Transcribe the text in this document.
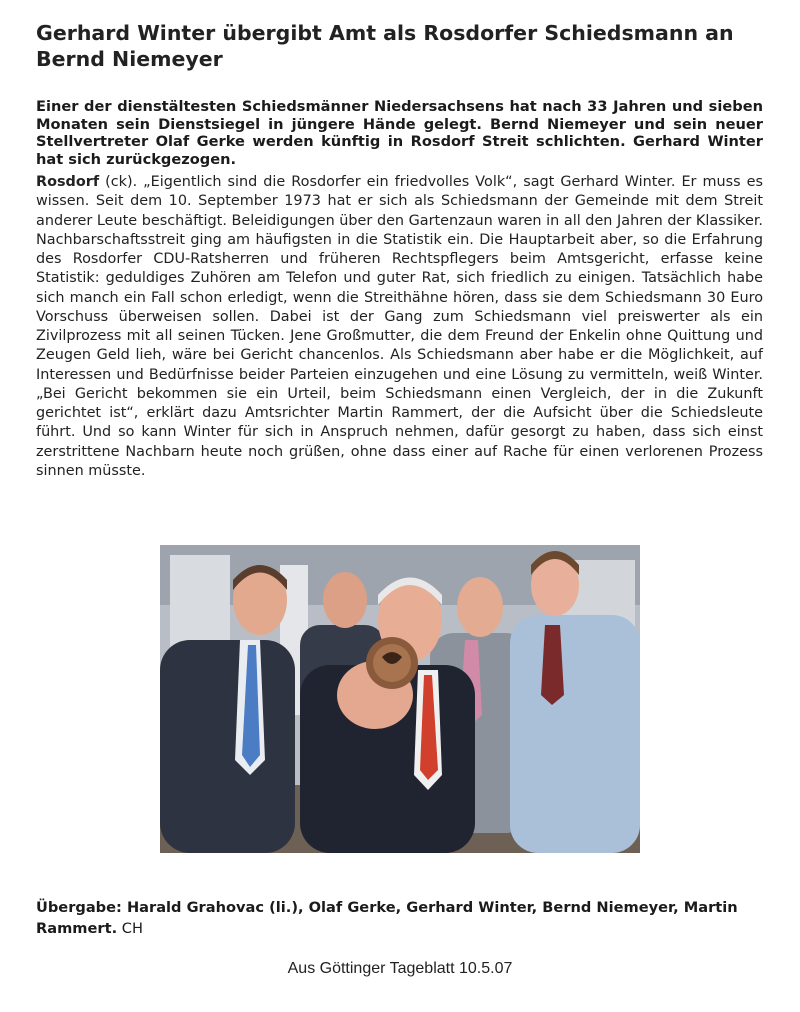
Gerhard Winter übergibt Amt als Rosdorfer Schiedsmann an Bernd Niemeyer
Einer der dienstältesten Schiedsmänner Niedersachsens hat nach 33 Jahren und sieben Monaten sein Dienstsiegel in jüngere Hände gelegt. Bernd Niemeyer und sein neuer Stellvertreter Olaf Gerke werden künftig in Rosdorf Streit schlichten. Gerhard Winter hat sich zurückgezogen.

Rosdorf (ck). „Eigentlich sind die Rosdorfer ein friedvolles Volk“, sagt Gerhard Winter. Er muss es wissen. Seit dem 10. September 1973 hat er sich als Schiedsmann der Gemeinde mit dem Streit anderer Leute beschäftigt. Beleidigungen über den Gartenzaun waren in all den Jahren der Klassiker. Nachbarschaftsstreit ging am häufigsten in die Statistik ein. Die Hauptarbeit aber, so die Erfahrung des Rosdorfer CDU-Ratsherren und früheren Rechtspflegers beim Amtsgericht, erfasse keine Statistik: geduldiges Zuhören am Telefon und guter Rat, sich friedlich zu einigen. Tatsächlich habe sich manch ein Fall schon erledigt, wenn die Streithähne hören, dass sie dem Schiedsmann 30 Euro Vorschuss überweisen sollen. Dabei ist der Gang zum Schiedsmann viel preiswerter als ein Zivilprozess mit all seinen Tücken. Jene Großmutter, die dem Freund der Enkelin ohne Quittung und Zeugen Geld lieh, wäre bei Gericht chancenlos. Als Schiedsmann aber habe er die Möglichkeit, auf Interessen und Bedürfnisse beider Parteien einzugehen und eine Lösung zu vermitteln, weiß Winter. „Bei Gericht bekommen sie ein Urteil, beim Schiedsmann einen Vergleich, der in die Zukunft gerichtet ist“, erklärt dazu Amtsrichter Martin Rammert, der die Aufsicht über die Schiedsleute führt. Und so kann Winter für sich in Anspruch nehmen, dafür gesorgt zu haben, dass sich einst zerstrittene Nachbarn heute noch grüßen, ohne dass einer auf Rache für einen verlorenen Prozess sinnen müsste.

Übergabe: Harald Grahovac (li.), Olaf Gerke, Gerhard Winter, Bernd Niemeyer, Martin Rammert. CH
Aus Göttinger Tageblatt 10.5.07
